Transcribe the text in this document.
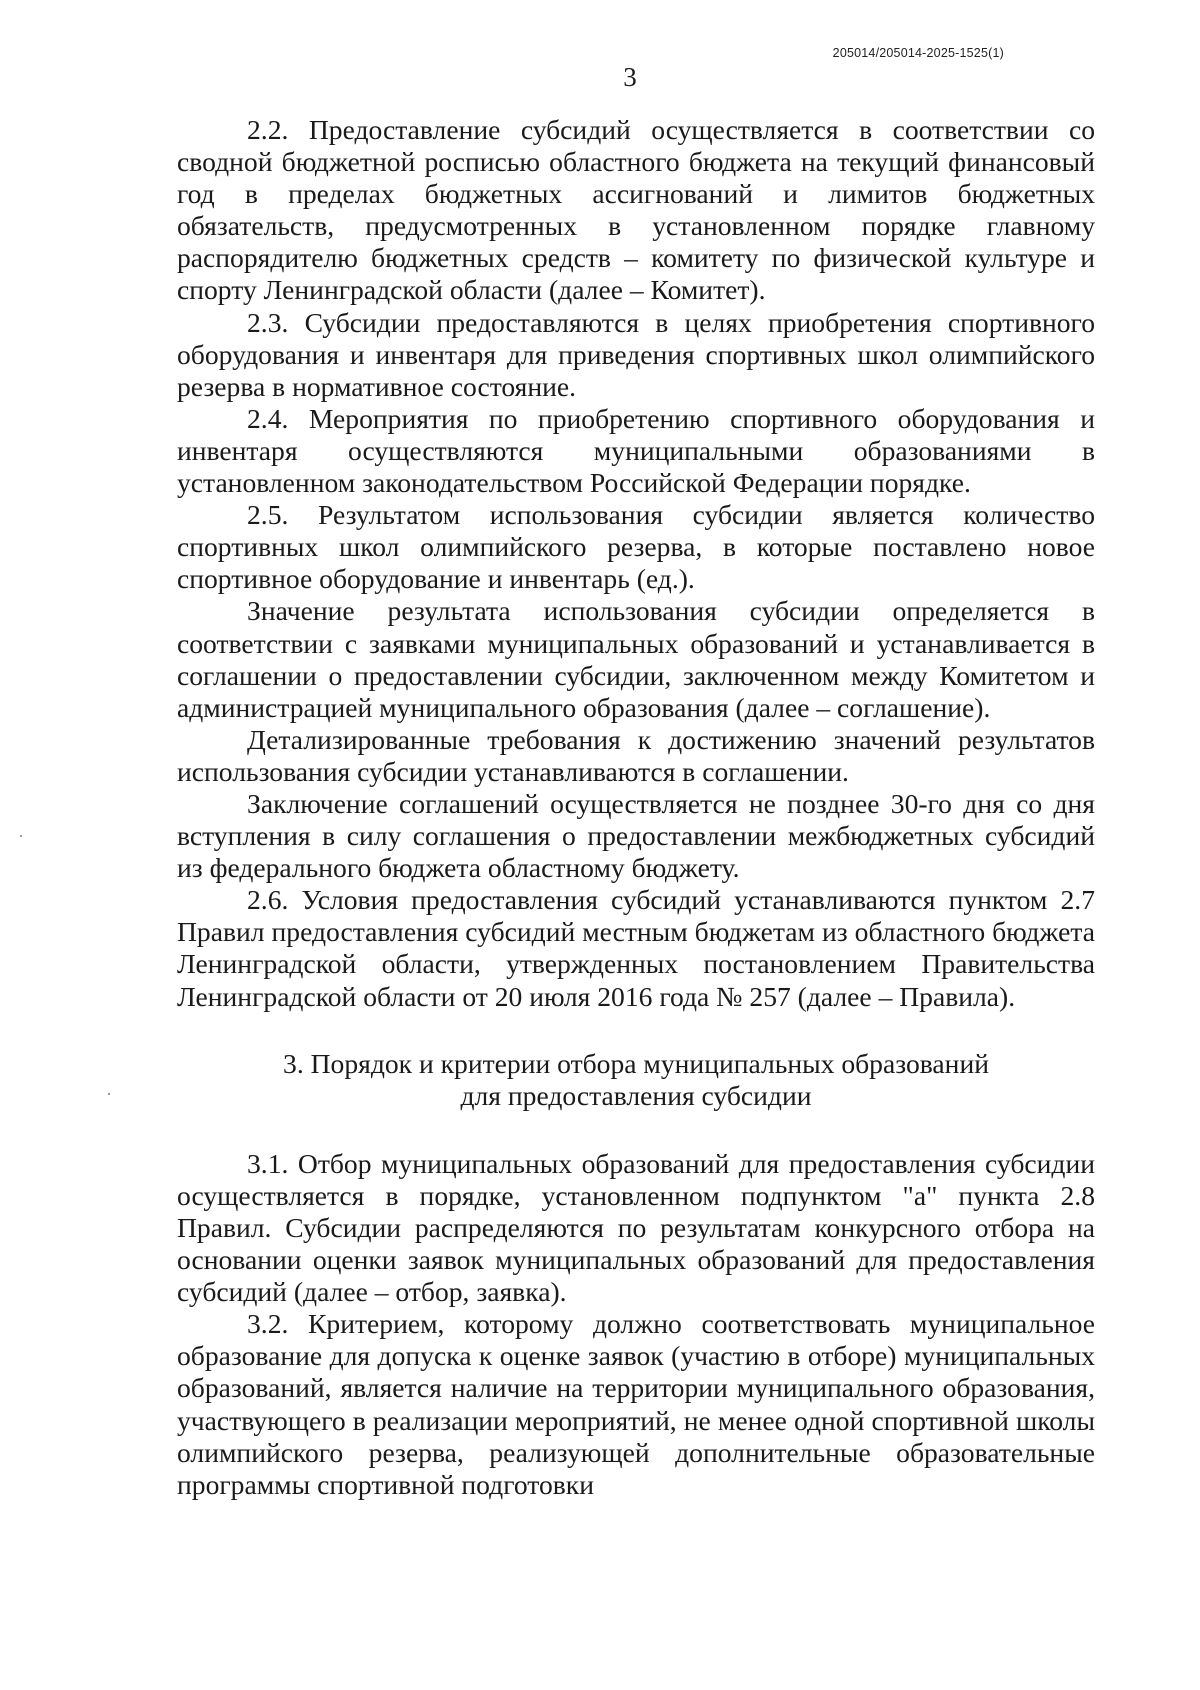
205014/205014-2025-1525(1)
3

2.2. Предоставление субсидий осуществляется в соответствии со сводной бюджетной росписью областного бюджета на текущий финансовый год в пределах бюджетных ассигнований и лимитов бюджетных обязательств, предусмотренных в установленном порядке главному распорядителю бюджетных средств – комитету по физической культуре и спорту Ленинградской области (далее – Комитет).

2.3. Субсидии предоставляются в целях приобретения спортивного оборудования и инвентаря для приведения спортивных школ олимпийского резерва в нормативное состояние.

2.4. Мероприятия по приобретению спортивного оборудования и инвентаря осуществляются муниципальными образованиями в установленном законодательством Российской Федерации порядке.

2.5. Результатом использования субсидии является количество спортивных школ олимпийского резерва, в которые поставлено новое спортивное оборудование и инвентарь (ед.).

Значение результата использования субсидии определяется в соответствии с заявками муниципальных образований и устанавливается в соглашении о предоставлении субсидии, заключенном между Комитетом и администрацией муниципального образования (далее – соглашение).

Детализированные требования к достижению значений результатов использования субсидии устанавливаются в соглашении.

Заключение соглашений осуществляется не позднее 30-го дня со дня вступления в силу соглашения о предоставлении межбюджетных субсидий из федерального бюджета областному бюджету.

2.6. Условия предоставления субсидий устанавливаются пунктом 2.7 Правил предоставления субсидий местным бюджетам из областного бюджета Ленинградской области, утвержденных постановлением Правительства Ленинградской области от 20 июля 2016 года № 257 (далее – Правила).

3. Порядок и критерии отбора муниципальных образований
для предоставления субсидии

3.1. Отбор муниципальных образований для предоставления субсидии осуществляется в порядке, установленном подпунктом "а" пункта 2.8 Правил. Субсидии распределяются по результатам конкурсного отбора на основании оценки заявок муниципальных образований для предоставления субсидий (далее – отбор, заявка).

3.2. Критерием, которому должно соответствовать муниципальное образование для допуска к оценке заявок (участию в отборе) муниципальных образований, является наличие на территории муниципального образования, участвующего в реализации мероприятий, не менее одной спортивной школы олимпийского резерва, реализующей дополнительные образовательные программы спортивной подготовки
